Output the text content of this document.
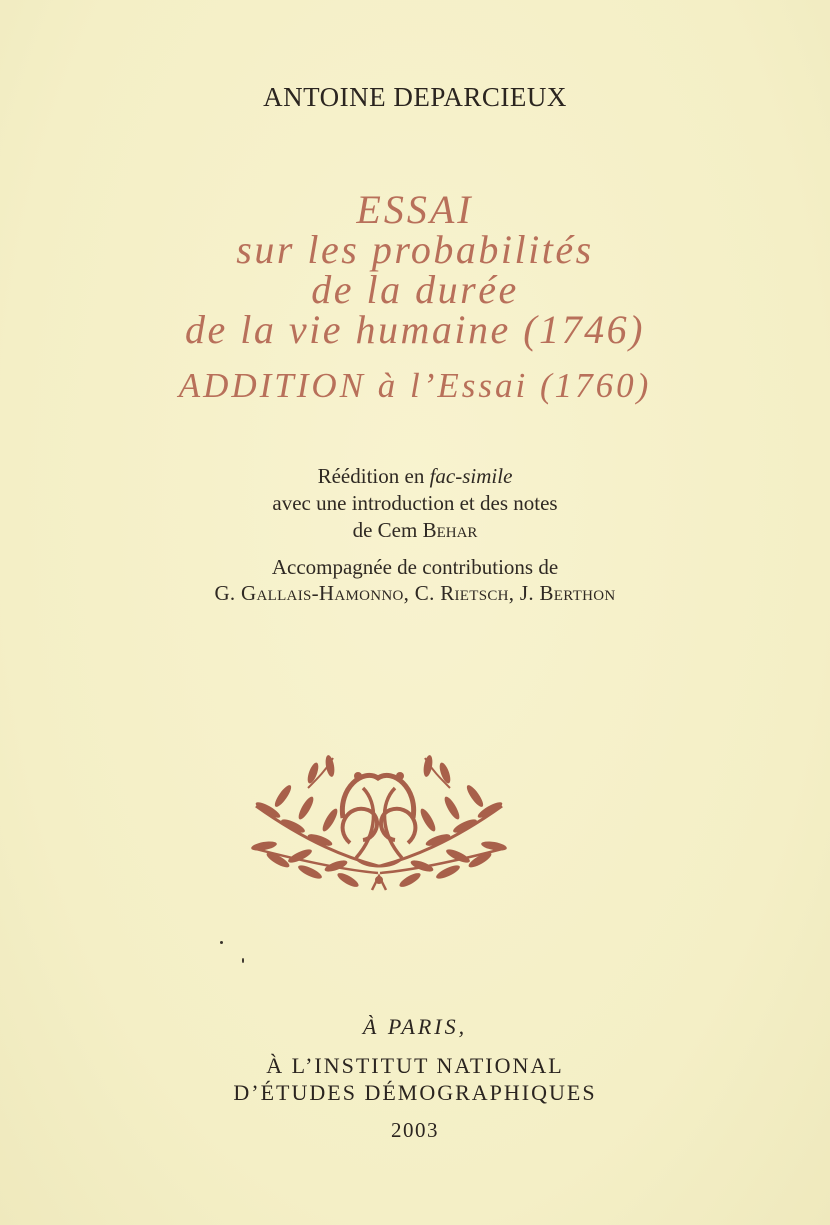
ANTOINE DEPARCIEUX
ESSAI
sur les probabilités
de la durée
de la vie humaine (1746)
ADDITION à l’Essai (1760)
Réédition en fac-simile
avec une introduction et des notes
de Cem Behar
Accompagnée de contributions de
G. Gallais-Hamonno, C. Rietsch, J. Berthon
À PARIS,
À L’INSTITUT NATIONAL
D’ÉTUDES DÉMOGRAPHIQUES
2003
